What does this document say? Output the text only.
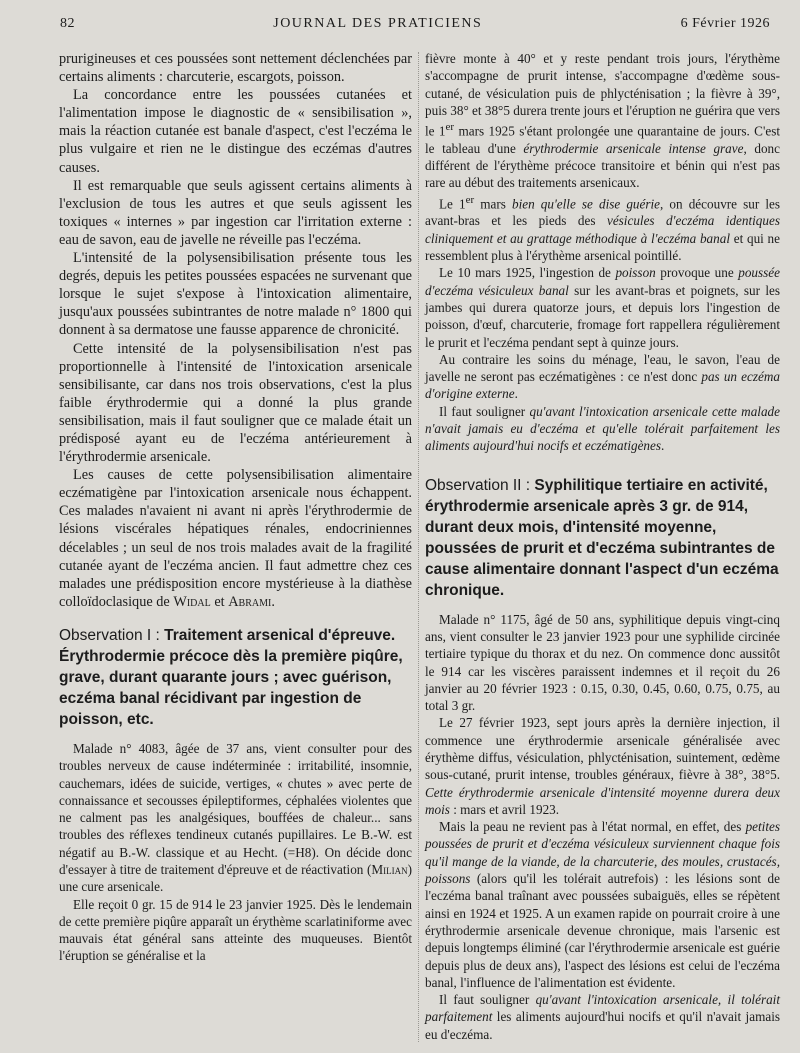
82	JOURNAL DES PRATICIENS	6 Février 1926

prurigineuses et ces poussées sont nettement déclenchées par certains aliments : charcuterie, escargots, poisson.

La concordance entre les poussées cutanées et l'alimentation impose le diagnostic de « sensibilisation », mais la réaction cutanée est banale d'aspect, c'est l'eczéma le plus vulgaire et rien ne le distingue des eczémas d'autres causes.

Il est remarquable que seuls agissent certains aliments à l'exclusion de tous les autres et que seuls agissent les toxiques « internes » par ingestion car l'irritation externe : eau de savon, eau de javelle ne réveille pas l'eczéma.

L'intensité de la polysensibilisation présente tous les degrés, depuis les petites poussées espacées ne survenant que lorsque le sujet s'expose à l'intoxication alimentaire, jusqu'aux poussées subintrantes de notre malade n° 1800 qui donnent à sa dermatose une fausse apparence de chronicité.

Cette intensité de la polysensibilisation n'est pas proportionnelle à l'intensité de l'intoxication arsenicale sensibilisante, car dans nos trois observations, c'est la plus faible érythrodermie qui a donné la plus grande sensibilisation, mais il faut souligner que ce malade était un prédisposé ayant eu de l'eczéma antérieurement à l'érythrodermie arsenicale.

Les causes de cette polysensibilisation alimentaire eczématigène par l'intoxication arsenicale nous échappent. Ces malades n'avaient ni avant ni après l'érythrodermie de lésions viscérales hépatiques rénales, endocriniennes décelables ; un seul de nos trois malades avait de la fragilité cutanée ayant de l'eczéma ancien. Il faut admettre chez ces malades une prédisposition encore mystérieuse à la diathèse colloïdoclasique de Widal et Abrami.

Observation I : Traitement arsenical d'épreuve. Érythrodermie précoce dès la première piqûre, grave, durant quarante jours ; avec guérison, eczéma banal récidivant par ingestion de poisson, etc.

Malade n° 4083, âgée de 37 ans, vient consulter pour des troubles nerveux de cause indéterminée : irritabilité, insomnie, cauchemars, idées de suicide, vertiges, « chutes » avec perte de connaissance et secousses épileptiformes, céphalées violentes que ne calment pas les analgésiques, bouffées de chaleur... sans troubles des réflexes tendineux cutanés pupillaires. Le B.-W. est négatif au B.-W. classique et au Hecht. (=H8). On décide donc d'essayer à titre de traitement d'épreuve et de réactivation (Milian) une cure arsenicale.

Elle reçoit 0 gr. 15 de 914 le 23 janvier 1925. Dès le lendemain de cette première piqûre apparaît un érythème scarlatiniforme avec mauvais état général sans atteinte des muqueuses. Bientôt l'éruption se généralise et la

fièvre monte à 40° et y reste pendant trois jours, l'érythème s'accompagne de prurit intense, s'accompagne d'œdème sous-cutané, de vésiculation puis de phlycténisation ; la fièvre à 39°, puis 38° et 38°5 durera trente jours et l'éruption ne guérira que vers le 1er mars 1925 s'étant prolongée une quarantaine de jours. C'est le tableau d'une érythrodermie arsenicale intense grave, donc différent de l'érythème précoce transitoire et bénin qui n'est pas rare au début des traitements arsenicaux.

Le 1er mars bien qu'elle se dise guérie, on découvre sur les avant-bras et les pieds des vésicules d'eczéma identiques cliniquement et au grattage méthodique à l'eczéma banal et qui ne ressemblent plus à l'érythème arsenical pointillé.

Le 10 mars 1925, l'ingestion de poisson provoque une poussée d'eczéma vésiculeux banal sur les avant-bras et poignets, sur les jambes qui durera quatorze jours, et depuis lors l'ingestion de poisson, d'œuf, charcuterie, fromage fort rappellera régulièrement le prurit et l'eczéma pendant sept à quinze jours.

Au contraire les soins du ménage, l'eau, le savon, l'eau de javelle ne seront pas eczématigènes : ce n'est donc pas un eczéma d'origine externe.

Il faut souligner qu'avant l'intoxication arsenicale cette malade n'avait jamais eu d'eczéma et qu'elle tolérait parfaitement les aliments aujourd'hui nocifs et eczématigènes.

Observation II : Syphilitique tertiaire en activité, érythrodermie arsenicale après 3 gr. de 914, durant deux mois, d'intensité moyenne, poussées de prurit et d'eczéma subintrantes de cause alimentaire donnant l'aspect d'un eczéma chronique.

Malade n° 1175, âgé de 50 ans, syphilitique depuis vingt-cinq ans, vient consulter le 23 janvier 1923 pour une syphilide circinée tertiaire typique du thorax et du nez. On commence donc aussitôt le 914 car les viscères paraissent indemnes et il reçoit du 26 janvier au 20 février 1923 : 0.15, 0.30, 0.45, 0.60, 0.75, 0.75, au total 3 gr.

Le 27 février 1923, sept jours après la dernière injection, il commence une érythrodermie arsenicale généralisée avec érythème diffus, vésiculation, phlycténisation, suintement, œdème sous-cutané, prurit intense, troubles généraux, fièvre à 38°, 38°5. Cette érythrodermie arsenicale d'intensité moyenne durera deux mois : mars et avril 1923.

Mais la peau ne revient pas à l'état normal, en effet, des petites poussées de prurit et d'eczéma vésiculeux surviennent chaque fois qu'il mange de la viande, de la charcuterie, des moules, crustacés, poissons (alors qu'il les tolérait autrefois) : les lésions sont de l'eczéma banal traînant avec poussées subaiguës, elles se répètent ainsi en 1924 et 1925. A un examen rapide on pourrait croire à une érythrodermie arsenicale devenue chronique, mais l'arsenic est depuis longtemps éliminé (car l'érythrodermie arsenicale est guérie depuis plus de deux ans), l'aspect des lésions est celui de l'eczéma banal, l'influence de l'alimentation est évidente.

Il faut souligner qu'avant l'intoxication arsenicale, il tolérait parfaitement les aliments aujourd'hui nocifs et qu'il n'avait jamais eu d'eczéma.
